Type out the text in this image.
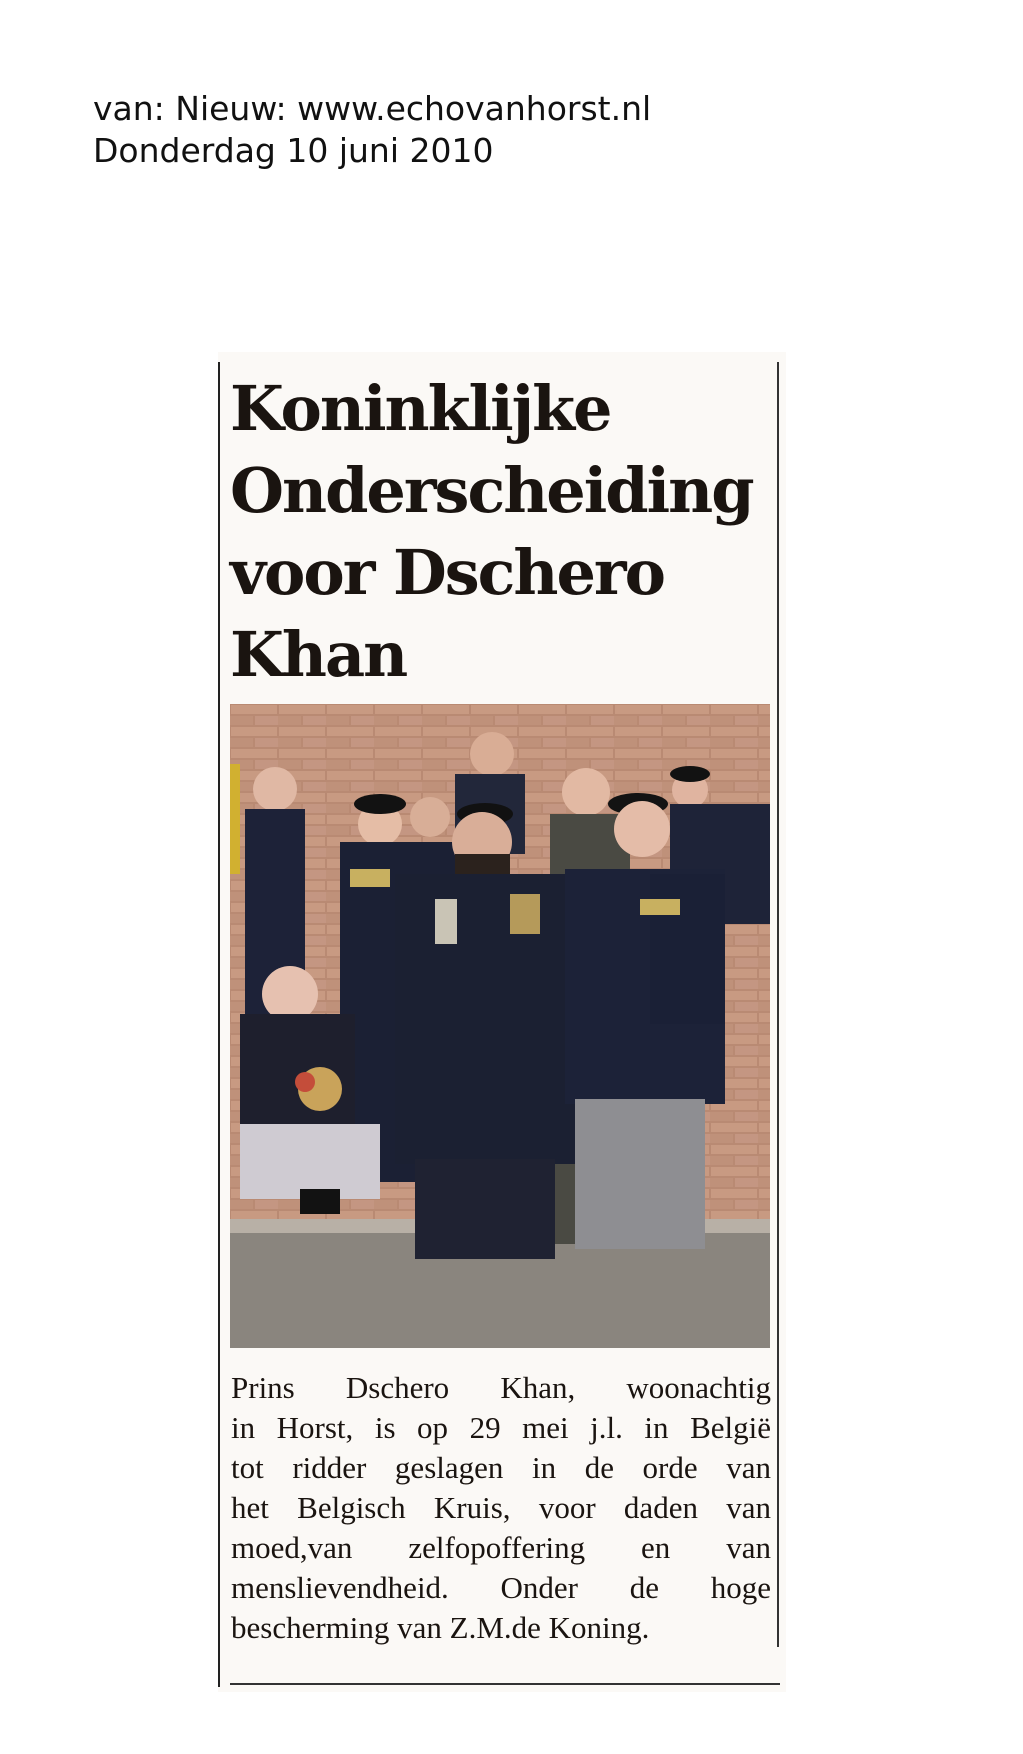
van: Nieuw: www.echovanhorst.nl
Donderdag 10 juni 2010
Koninklijke
Onderscheiding
voor Dschero
Khan
Prins Dschero Khan, woonachtig
in Horst, is op 29 mei j.l. in België
tot ridder geslagen in de orde van
het Belgisch Kruis, voor daden van
moed,van zelfopoffering en van
menslievendheid. Onder de hoge
bescherming van Z.M.de Koning.
